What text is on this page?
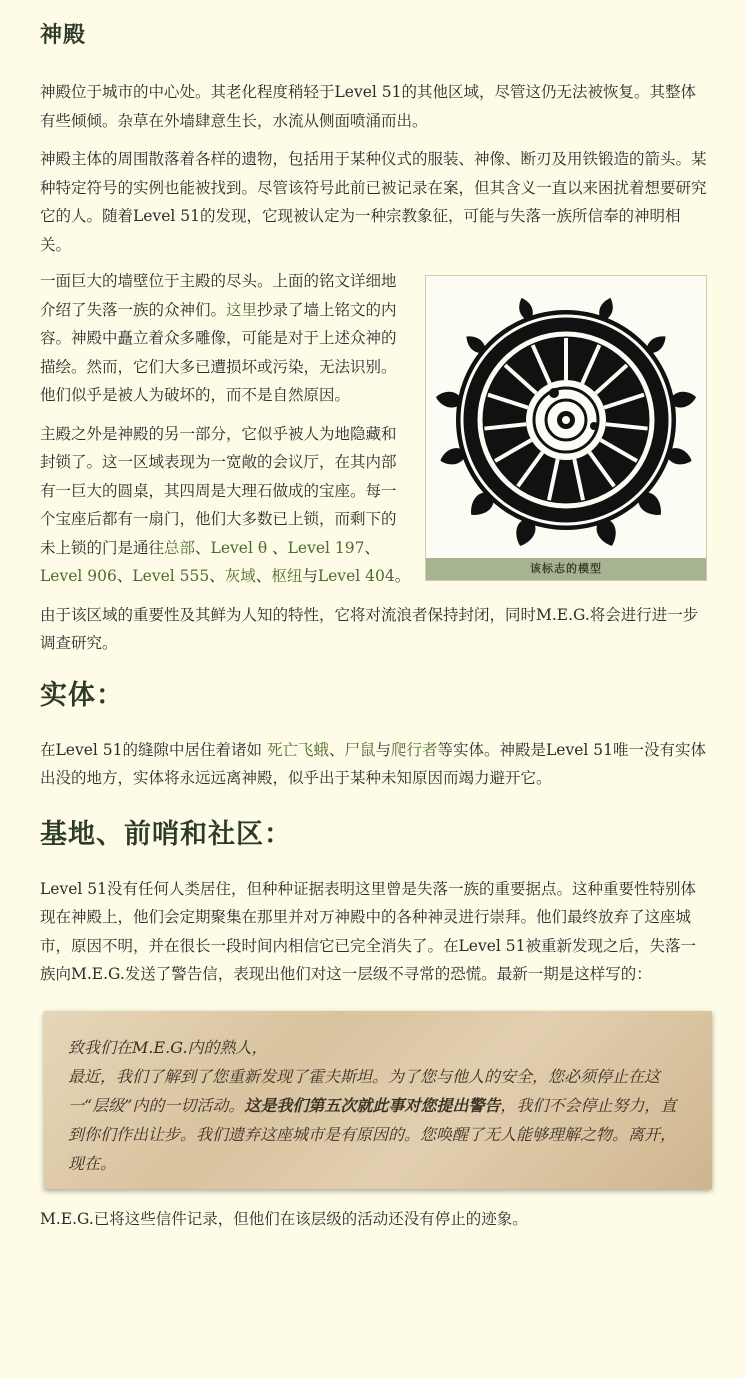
神殿

神殿位于城市的中心处。其老化程度稍轻于Level 51的其他区域，尽管这仍无法被恢复。其整体有些倾倾。杂草在外墙肆意生长，水流从侧面喷涌而出。

神殿主体的周围散落着各样的遗物，包括用于某种仪式的服装、神像、断刃及用铁锻造的箭头。某种特定符号的实例也能被找到。尽管该符号此前已被记录在案，但其含义一直以来困扰着想要研究它的人。随着Level 51的发现，它现被认定为一种宗教象征，可能与失落一族所信奉的神明相关。

该标志的模型

一面巨大的墙壁位于主殿的尽头。上面的铭文详细地介绍了失落一族的众神们。这里抄录了墙上铭文的内容。神殿中矗立着众多雕像，可能是对于上述众神的描绘。然而，它们大多已遭损坏或污染，无法识别。他们似乎是被人为破坏的，而不是自然原因。

主殿之外是神殿的另一部分，它似乎被人为地隐藏和封锁了。这一区域表现为一宽敞的会议厅，在其内部有一巨大的圆桌，其四周是大理石做成的宝座。每一个宝座后都有一扇门，他们大多数已上锁，而剩下的未上锁的门是通往总部、Level θ 、Level 197、Level 906、Level 555、灰域、枢纽与Level 404。

由于该区域的重要性及其鲜为人知的特性，它将对流浪者保持封闭，同时M.E.G.将会进行进一步调查研究。

实体：

在Level 51的缝隙中居住着诸如 死亡飞蛾、尸鼠与爬行者等实体。神殿是Level 51唯一没有实体出没的地方，实体将永远远离神殿，似乎出于某种未知原因而竭力避开它。

基地、前哨和社区：

Level 51没有任何人类居住，但种种证据表明这里曾是失落一族的重要据点。这种重要性特别体现在神殿上，他们会定期聚集在那里并对万神殿中的各种神灵进行崇拜。他们最终放弃了这座城市，原因不明，并在很长一段时间内相信它已完全消失了。在Level 51被重新发现之后，失落一族向M.E.G.发送了警告信，表现出他们对这一层级不寻常的恐慌。最新一期是这样写的：

致我们在M.E.G.内的熟人，
最近，我们了解到了您重新发现了霍夫斯坦。为了您与他人的安全，您必须停止在这一“层级”内的一切活动。这是我们第五次就此事对您提出警告，我们不会停止努力，直到你们作出让步。我们遗弃这座城市是有原因的。您唤醒了无人能够理解之物。离开，现在。

M.E.G.已将这些信件记录，但他们在该层级的活动还没有停止的迹象。
